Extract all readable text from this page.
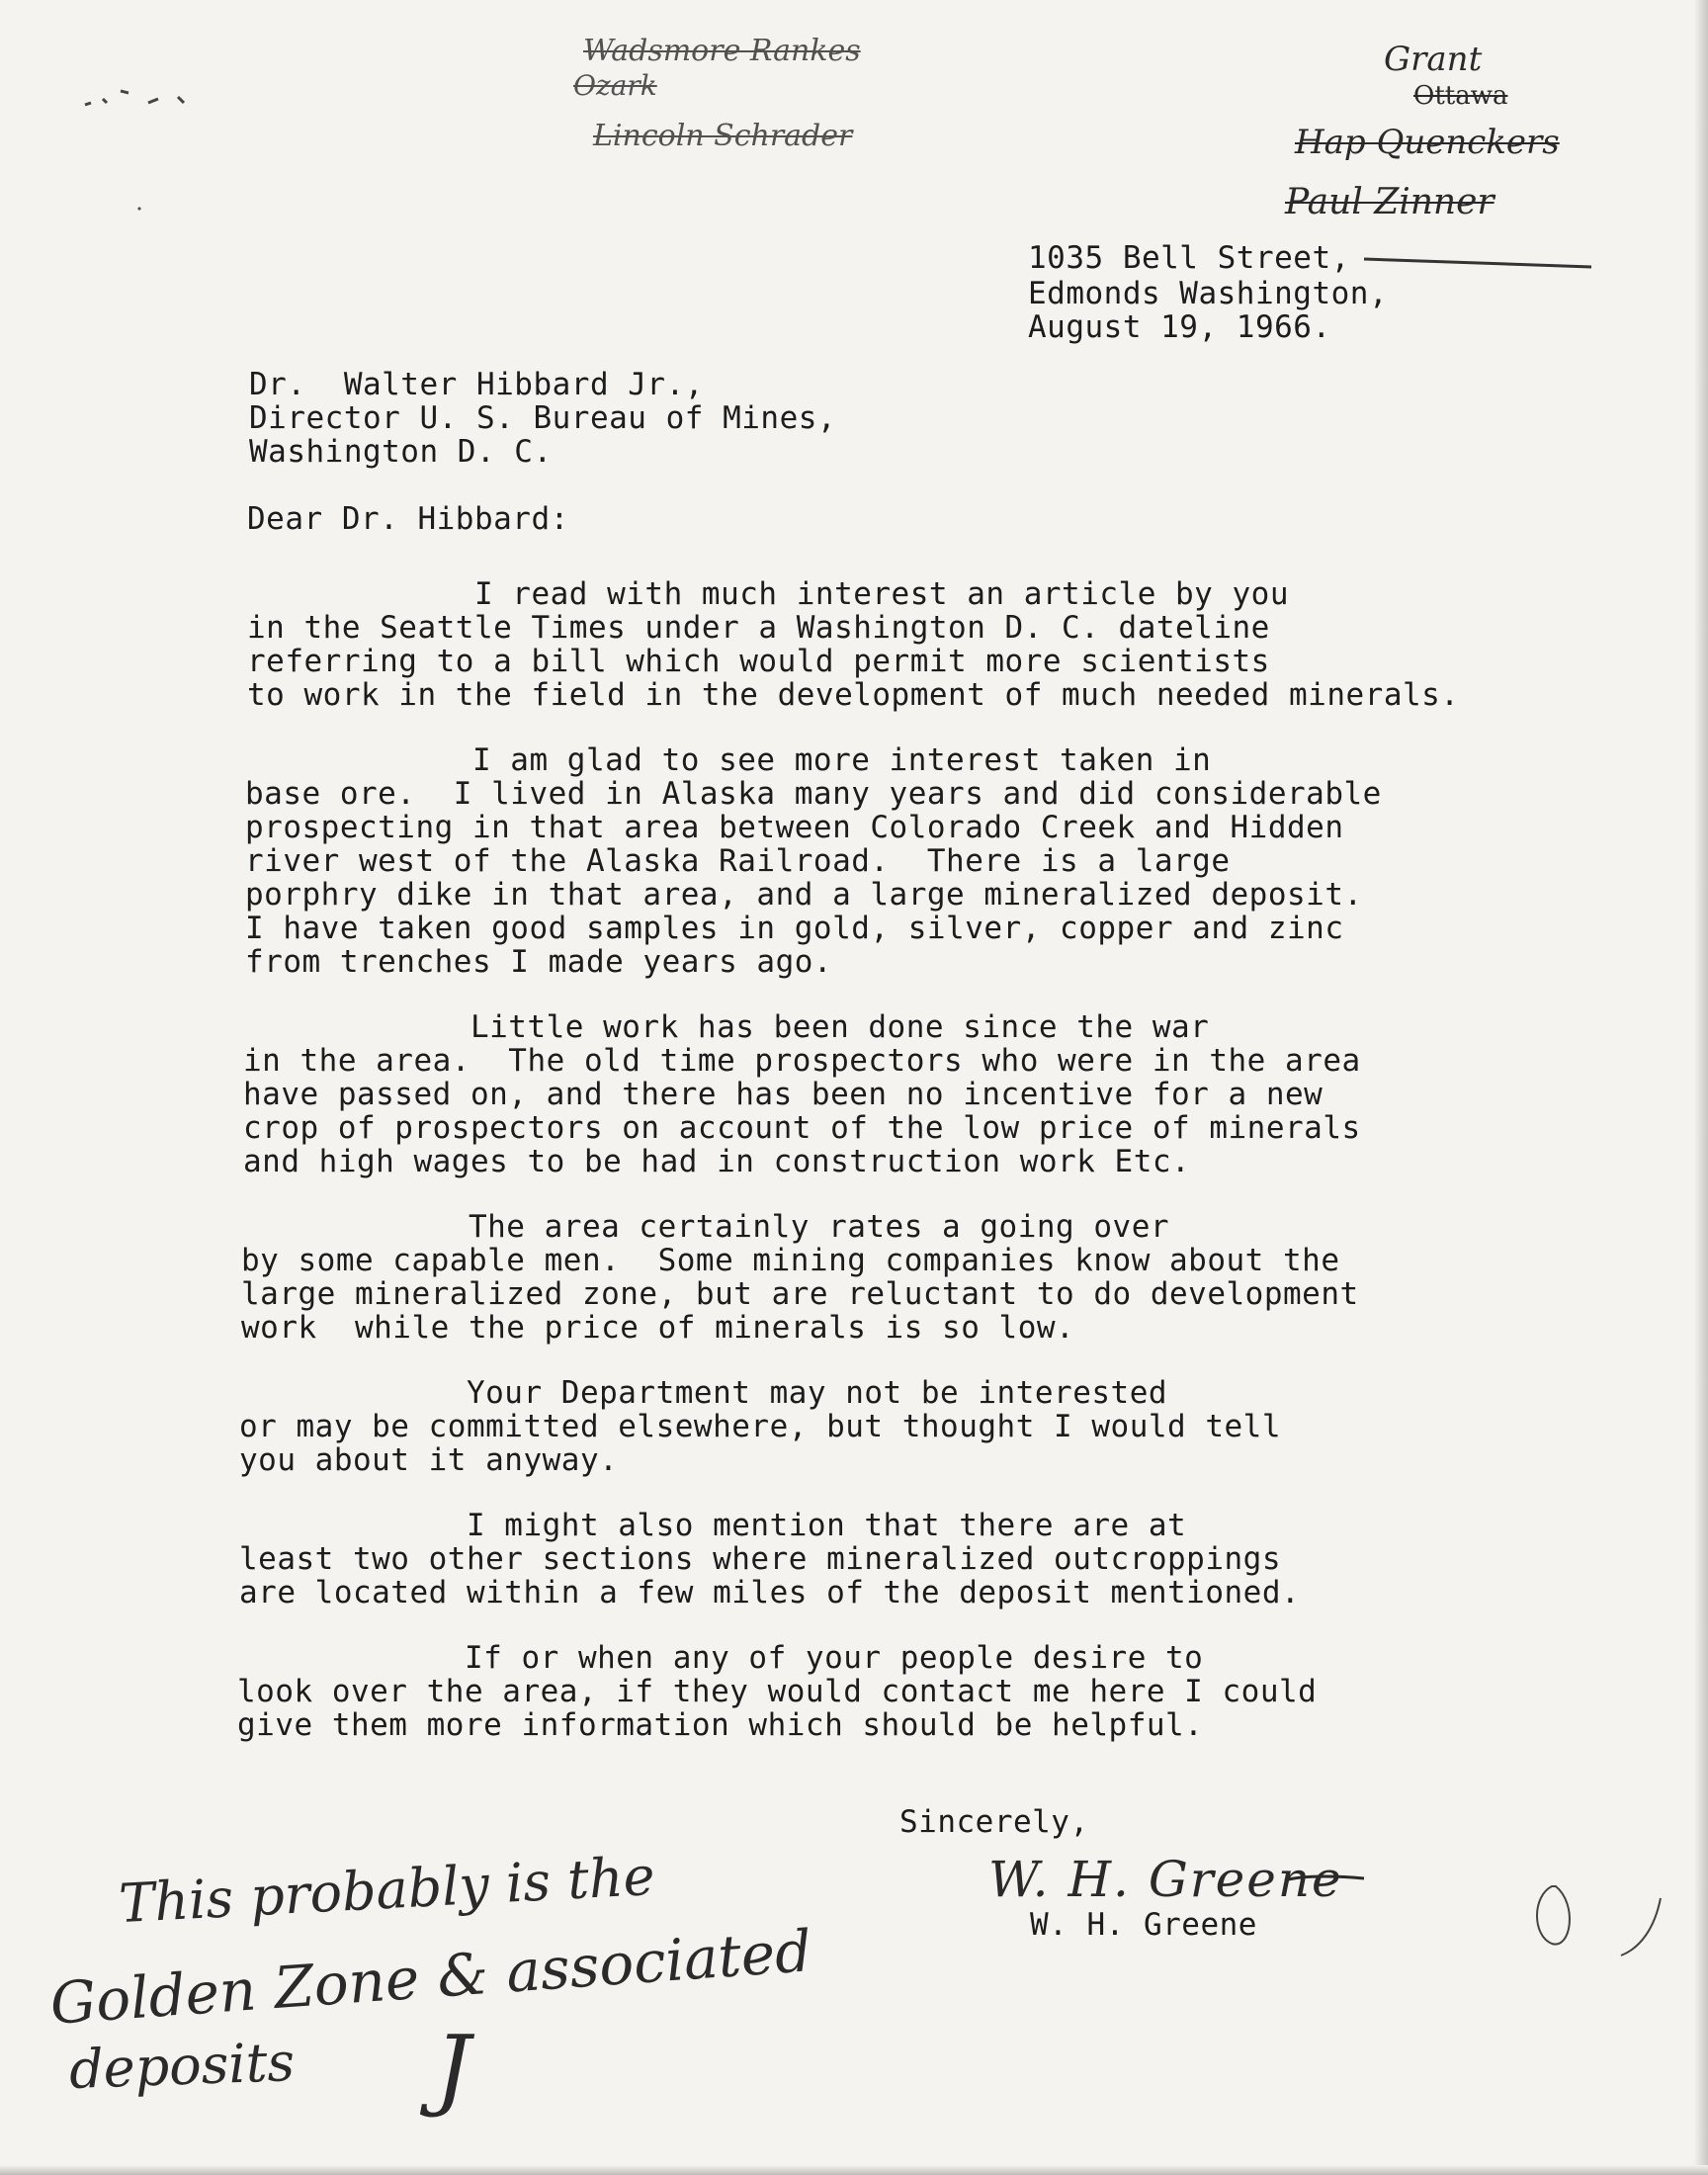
Wadsmore Rankes
Ozark
Lincoln Schrader
Grant
Ottawa
Hap Quenckers
Paul Zinner
1035 Bell Street,
Edmonds Washington,
August 19, 1966.
Dr.  Walter Hibbard Jr.,
Director U. S. Bureau of Mines,
Washington D. C.
Dear Dr. Hibbard:
I read with much interest an article by you
in the Seattle Times under a Washington D. C. dateline
referring to a bill which would permit more scientists
to work in the field in the development of much needed minerals.
I am glad to see more interest taken in
base ore.  I lived in Alaska many years and did considerable
prospecting in that area between Colorado Creek and Hidden
river west of the Alaska Railroad.  There is a large
porphry dike in that area, and a large mineralized deposit.
I have taken good samples in gold, silver, copper and zinc
from trenches I made years ago.
Little work has been done since the war
in the area.  The old time prospectors who were in the area
have passed on, and there has been no incentive for a new
crop of prospectors on account of the low price of minerals
and high wages to be had in construction work Etc.
The area certainly rates a going over
by some capable men.  Some mining companies know about the
large mineralized zone, but are reluctant to do development
work  while the price of minerals is so low.
Your Department may not be interested
or may be committed elsewhere, but thought I would tell
you about it anyway.
I might also mention that there are at
least two other sections where mineralized outcroppings
are located within a few miles of the deposit mentioned.
If or when any of your people desire to
look over the area, if they would contact me here I could
give them more information which should be helpful.
Sincerely,
W. H. Greene
W. H. Greene
This probably is the
Golden Zone & associated
deposits J
